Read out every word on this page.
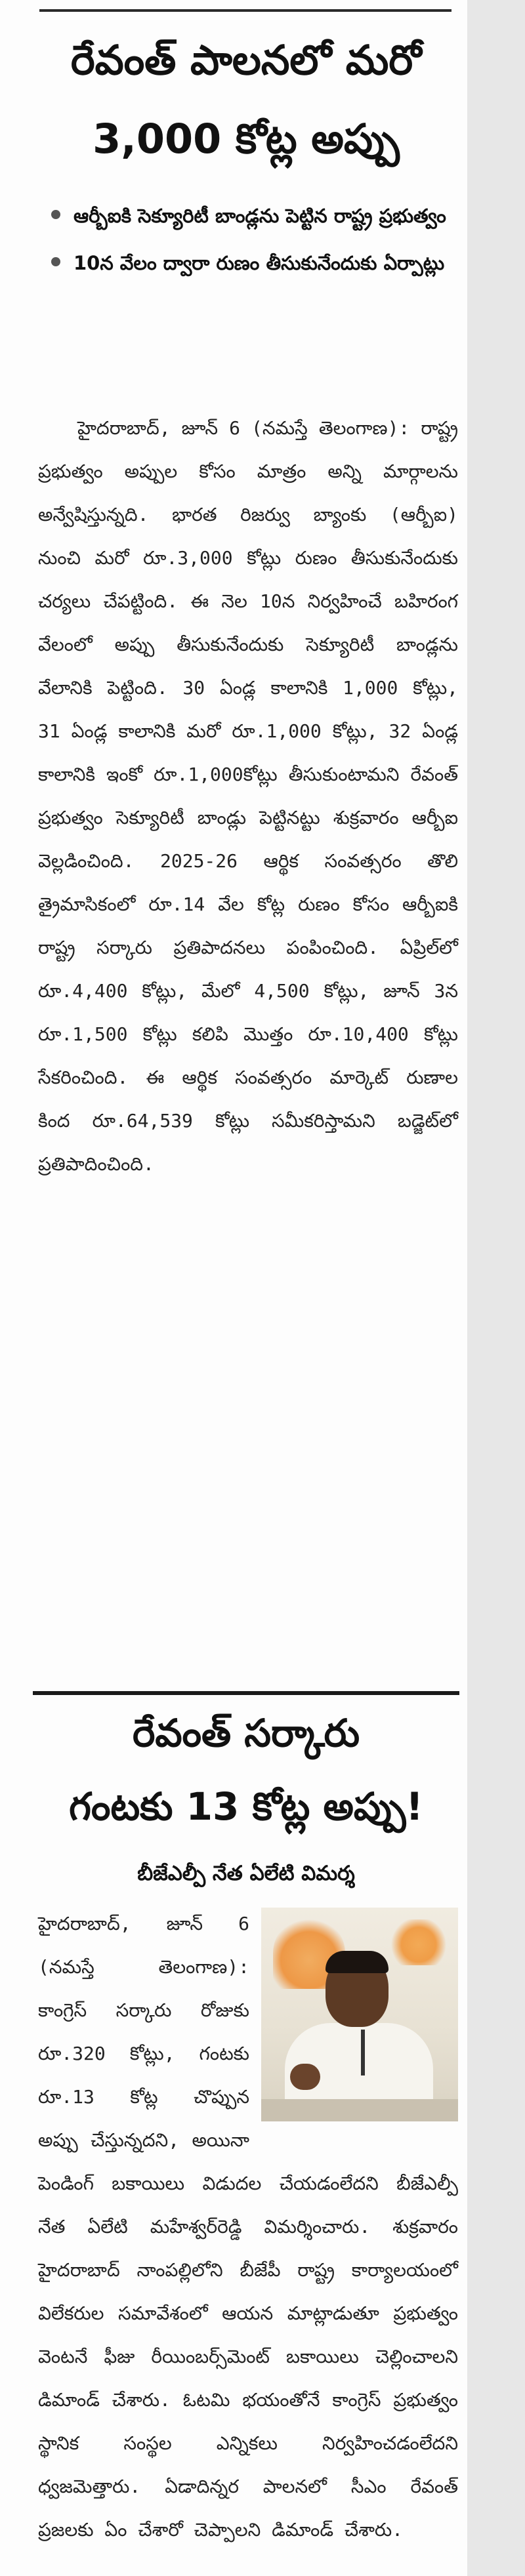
రేవంత్ పాలనలో మరో
3,000 కోట్ల అప్పు
ఆర్బీఐకి సెక్యూరిటీ బాండ్లను పెట్టిన రాష్ట్ర ప్రభుత్వం
10న వేలం ద్వారా రుణం తీసుకునేందుకు ఏర్పాట్లు

హైదరాబాద్, జూన్ 6 (నమస్తే తెలంగాణ): రాష్ట్ర ప్రభుత్వం అప్పుల కోసం మాత్రం అన్ని మార్గాలను అన్వేషిస్తున్నది. భారత రిజర్వు బ్యాంకు (ఆర్బీఐ) నుంచి మరో రూ.3,000 కోట్లు రుణం తీసుకునేందుకు చర్యలు చేపట్టింది. ఈ నెల 10న నిర్వహించే బహిరంగ వేలంలో అప్పు తీసుకునేందుకు సెక్యూరిటీ బాండ్లను వేలానికి పెట్టింది. 30 ఏండ్ల కాలానికి 1,000 కోట్లు, 31 ఏండ్ల కాలానికి మరో రూ.1,000 కోట్లు, 32 ఏండ్ల కాలానికి ఇంకో రూ.1,000కోట్లు తీసుకుంటామని రేవంత్ ప్రభుత్వం సెక్యూరిటీ బాండ్లు పెట్టినట్టు శుక్రవారం ఆర్బీఐ వెల్లడించింది. 2025-26 ఆర్థిక సంవత్సరం తొలి త్రైమాసికంలో రూ.14 వేల కోట్ల రుణం కోసం ఆర్బీఐకి రాష్ట్ర సర్కారు ప్రతిపాదనలు పంపించింది. ఏప్రిల్‌లో రూ.4,400 కోట్లు, మేలో 4,500 కోట్లు, జూన్ 3న రూ.1,500 కోట్లు కలిపి మొత్తం రూ.10,400 కోట్లు సేకరించింది. ఈ ఆర్థిక సంవత్సరం మార్కెట్ రుణాల కింద రూ.64,539 కోట్లు సమీకరిస్తామని బడ్జెట్‌లో ప్రతిపాదించింది.

రేవంత్ సర్కారు
గంటకు 13 కోట్ల అప్పు!

బీజేఎల్పీ నేత ఏలేటి విమర్శ

హైదరాబాద్, జూన్ 6 (నమస్తే తెలంగాణ): కాంగ్రెస్ సర్కారు రోజుకు రూ.320 కోట్లు, గంటకు రూ.13 కోట్ల చొప్పున అప్పు చేస్తున్నదని, అయినా పెండింగ్ బకాయిలు విడుదల చేయడంలేదని బీజేఎల్పీ నేత ఏలేటి మహేశ్వర్‌రెడ్డి విమర్శించారు. శుక్రవారం హైదరాబాద్ నాంపల్లిలోని బీజేపీ రాష్ట్ర కార్యాలయంలో విలేకరుల సమావేశంలో ఆయన మాట్లాడుతూ ప్రభుత్వం వెంటనే ఫీజు రీయింబర్స్‌మెంట్ బకాయిలు చెల్లించాలని డిమాండ్ చేశారు. ఓటమి భయంతోనే కాంగ్రెస్ ప్రభుత్వం స్థానిక సంస్థల ఎన్నికలు నిర్వహించడంలేదని ధ్వజమెత్తారు. ఏడాదిన్నర పాలనలో సీఎం రేవంత్ ప్రజలకు ఏం చేశారో చెప్పాలని డిమాండ్ చేశారు.
